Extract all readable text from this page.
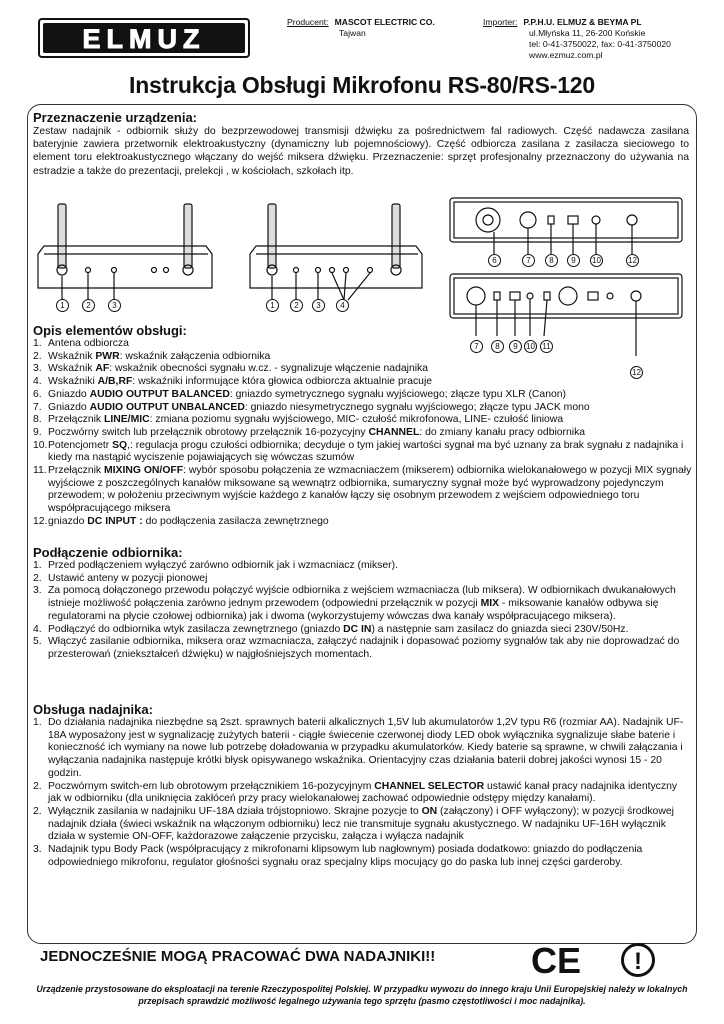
ELMUZ
Producent: MASCOT ELECTRIC CO.
Tajwan
Importer: P.P.H.U. ELMUZ & BEYMA PL
ul.Młyńska 11, 26-200 Końskie
tel: 0-41-3750022, fax: 0-41-3750020
www.ezmuz.com.pl
Instrukcja Obsługi Mikrofonu RS-80/RS-120

Przeznaczenie urządzenia:

Zestaw nadajnik - odbiornik służy do bezprzewodowej transmisji dźwięku za pośrednictwem fal radiowych. Część nadawcza zasilana bateryjnie zawiera przetwornik elektroakustyczny (dynamiczny lub pojemnościowy). Część odbiorcza zasilana z zasilacza sieciowego to element toru elektroakustycznego włączany do wejść miksera dźwięku. Przeznaczenie: sprzęt profesjonalny przeznaczony do używania na estradzie a także do prezentacji, prelekcji , w kościołach, szkołach itp.

1	2	3	1	2	3	4
6	7	8	9	10	12
7	8	9	10 11
12

Opis elementów obsługi:

1. Antena odbiorcza
2. Wskaźnik PWR: wskaźnik załączenia odbiornika
3. Wskaźnik AF: wskaźnik obecności sygnału w.cz. - sygnalizuje włączenie nadajnika
4. Wskaźniki A/B,RF: wskaźniki informujące która głowica odbiorcza aktualnie pracuje
6. Gniazdo AUDIO OUTPUT BALANCED: gniazdo symetrycznego sygnału wyjściowego; złącze typu XLR (Canon)
7. Gniazdo AUDIO OUTPUT UNBALANCED: gniazdo niesymetrycznego sygnału wyjściowego; złącze typu JACK mono
8. Przełącznik LINE/MIC: zmiana poziomu sygnału wyjściowego, MIC- czułość mikrofonowa, LINE- czułość liniowa
9. Poczwórny switch lub przełącznik obrotowy przełącznik 16-pozycyjny CHANNEL: do zmiany kanału pracy odbiornika
10.Potencjometr SQ,: regulacja progu czułości odbiornika; decyduje o tym jakiej wartości sygnał ma być uznany za brak sygnału z nadajnika i kiedy ma nastąpić wyciszenie pojawiających się wówczas szumów
11.Przełącznik MIXING ON/OFF: wybór sposobu połączenia ze wzmacniaczem (mikserem) odbiornika wielokanałowego w pozycji MIX sygnały wyjściowe z poszczególnych kanałów miksowane są wewnątrz odbiornika, sumaryczny sygnał może być wyprowadzony pojedynczym przewodem; w położeniu przeciwnym wyjście każdego z kanałów łączy się osobnym przewodem z wejściem odpowiedniego toru współpracującego miksera
12.gniazdo DC INPUT : do podłączenia zasilacza zewnętrznego

Podłączenie odbiornika:

1. Przed podłączeniem wyłączyć zarówno odbiornik jak i wzmacniacz (mikser).
2. Ustawić anteny w pozycji pionowej
3. Za pomocą dołączonego przewodu połączyć wyjście odbiornika z wejściem wzmacniacza (lub miksera). W odbiornikach dwukanałowych istnieje możliwość połączenia zarówno jednym przewodem (odpowiedni przełącznik w pozycji MIX - miksowanie kanałów odbywa się regulatorami na płycie czołowej odbiornika) jak i dwoma (wykorzystujemy wówczas dwa kanały współpracującego miksera).
4. Podłączyć do odbiornika wtyk zasilacza zewnętrznego (gniazdo DC IN) a następnie sam zasilacz do gniazda sieci 230V/50Hz.
5. Włączyć zasilanie odbiornika, miksera oraz wzmacniacza, załączyć nadajnik i dopasować poziomy sygnałów tak aby nie doprowadzać do przesterowań (zniekształceń dźwięku) w najgłośniejszych momentach.

Obsługa nadajnika:

1. Do działania nadajnika niezbędne są 2szt. sprawnych baterii alkalicznych 1,5V lub akumulatorów 1,2V typu R6 (rozmiar AA). Nadajnik UF-18A wyposażony jest w sygnalizację zużytych baterii - ciągłe świecenie czerwonej diody LED obok wyłącznika sygnalizuje słabe baterie i konieczność ich wymiany na nowe lub potrzebę doładowania w przypadku akumulatorków. Kiedy baterie są sprawne, w chwili załączania i wyłączania nadajnika następuje krótki błysk opisywanego wskaźnika. Orientacyjny czas działania baterii dobrej jakości wynosi 15 - 20 godzin.
2. Poczwórnym switch-em lub obrotowym przełącznikiem 16-pozycyjnym CHANNEL SELECTOR ustawić kanał pracy nadajnika identyczny jak w odbiorniku (dla uniknięcia zakłóceń przy pracy wielokanałowej zachować odpowiednie odstępy między kanałami).
2. Wyłącznik zasilania w nadajniku UF-18A działa trójstopniowo. Skrajne pozycje to ON (załączony) i OFF wyłączony); w pozycji środkowej nadajnik działa (świeci wskaźnik na włączonym odbiorniku) lecz nie transmituje sygnału akustycznego. W nadajniku UF-16H wyłącznik działa w systemie ON-OFF, każdorazowe załączenie przycisku, załącza i wyłącza nadajnik
3. Nadajnik typu Body Pack (współpracujący z mikrofonami klipsowym lub nagłownym) posiada dodatkowo: gniazdo do podłączenia odpowiedniego mikrofonu, regulator głośności sygnału oraz specjalny klips mocujący go do paska lub innej części garderoby.
JEDNOCZEŚNIE MOGĄ PRACOWAĆ DWA NADAJNIKI!!	CE !
Urządzenie przystosowane do eksploatacji na terenie Rzeczypospolitej Polskiej. W przypadku wywozu do innego kraju Unii Europejskiej należy w lokalnych przepisach sprawdzić możliwość legalnego używania tego sprzętu (pasmo częstotliwości i moc nadajnika).
